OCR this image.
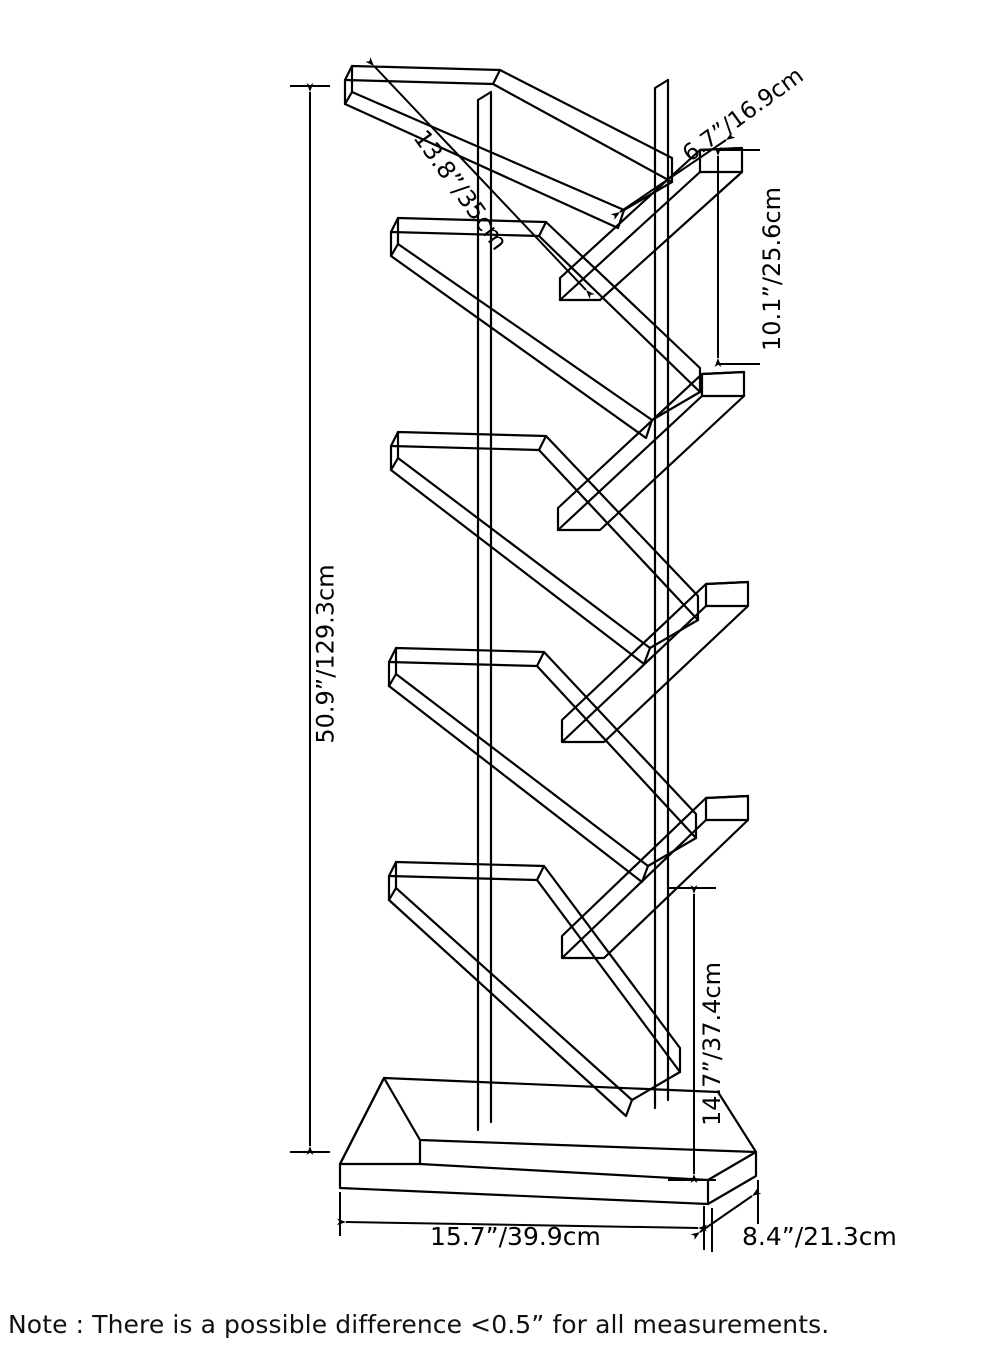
50.9”/129.3cm
13.8”/35cm
6.7”/16.9cm
10.1”/25.6cm
14.7”/37.4cm
15.7”/39.9cm	8.4”/21.3cm
Note : There is a possible difference <0.5” for all measurements.
